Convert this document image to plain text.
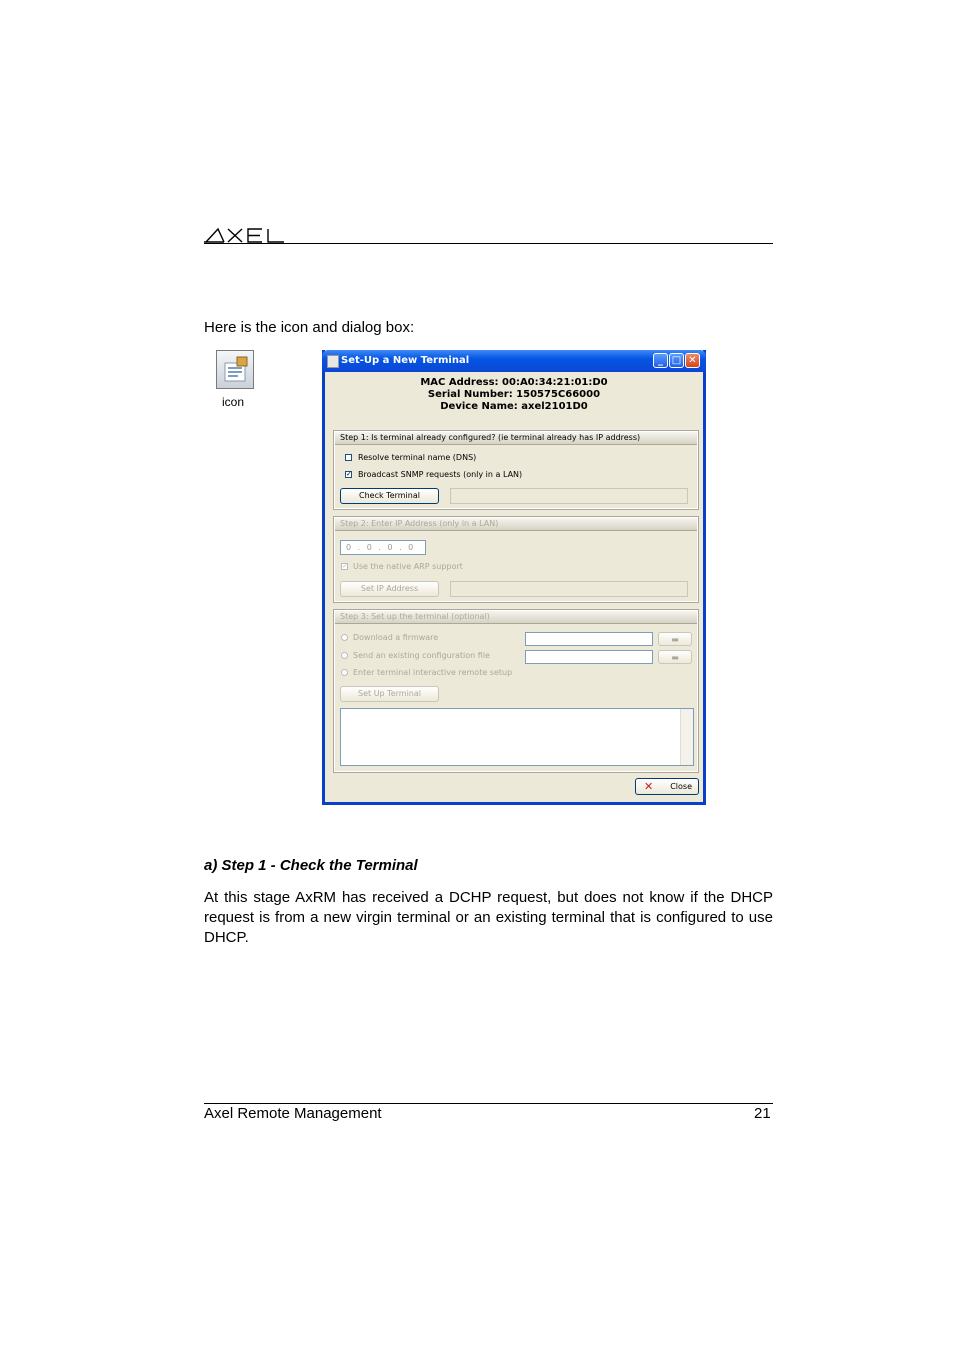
Here is the icon and dialog box:
icon
Set-Up a New Terminal	_ □ ✕
MAC Address: 00:A0:34:21:01:D0
Serial Number: 150575C66000
Device Name: axel2101D0
Step 1: Is terminal already configured? (ie terminal already has IP address)
Resolve terminal name (DNS)
✓ Broadcast SNMP requests (only in a LAN)
Check Terminal
Step 2: Enter IP Address (only in a LAN)
0 . 0 . 0 . 0
✓ Use the native ARP support
Set IP Address
Step 3: Set up the terminal (optional)
Download a firmware	▬
Send an existing configuration file	▬
Enter terminal interactive remote setup
Set Up Terminal
✕ Close
a) Step 1 - Check the Terminal
At this stage AxRM has received a DCHP request, but does not know if the DHCP request is from a new virgin terminal or an existing terminal that is configured to use DHCP.
Axel Remote Management	21
